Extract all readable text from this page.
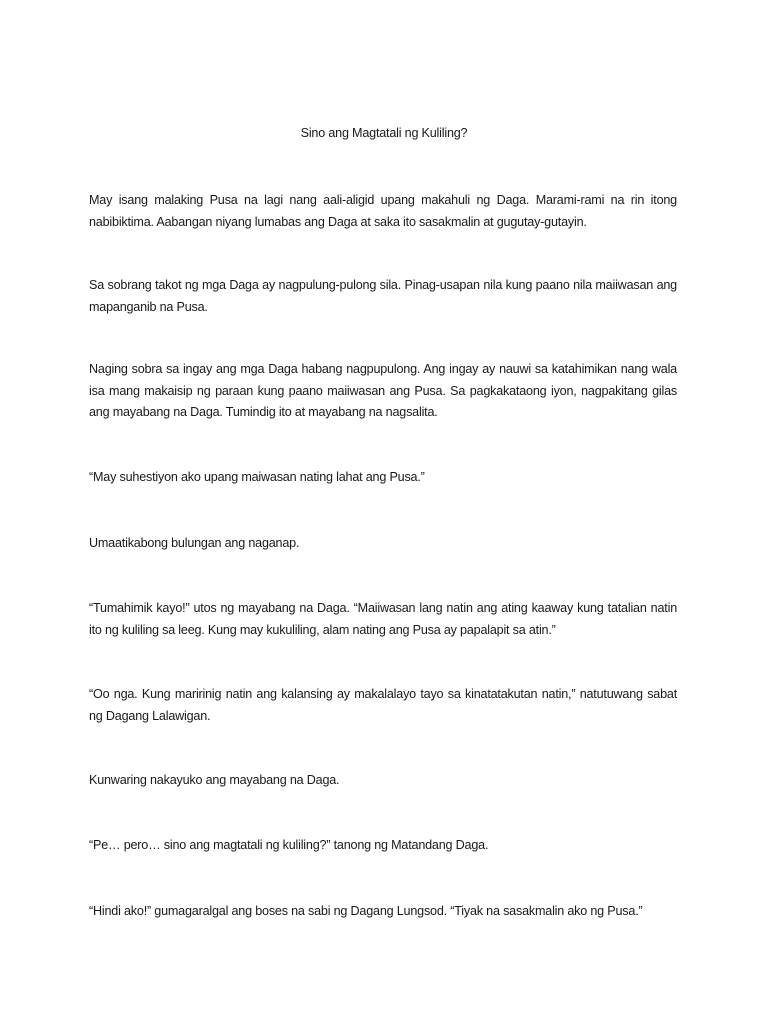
Sino ang Magtatali ng Kuliling?

May isang malaking Pusa na lagi nang aali-aligid upang makahuli ng Daga. Marami-rami na rin itong nabibiktima. Aabangan niyang lumabas ang Daga at saka ito sasakmalin at gugutay-gutayin.

Sa sobrang takot ng mga Daga ay nagpulung-pulong sila. Pinag-usapan nila kung paano nila maiiwasan ang mapanganib na Pusa.

Naging sobra sa ingay ang mga Daga habang nagpupulong. Ang ingay ay nauwi sa katahimikan nang wala isa mang makaisip ng paraan kung paano maiiwasan ang Pusa. Sa pagkakataong iyon, nagpakitang gilas ang mayabang na Daga. Tumindig ito at mayabang na nagsalita.

“May suhestiyon ako upang maiwasan nating lahat ang Pusa.”

Umaatikabong bulungan ang naganap.

“Tumahimik kayo!” utos ng mayabang na Daga. “Maiiwasan lang natin ang ating kaaway kung tatalian natin ito ng kuliling sa leeg. Kung may kukuliling, alam nating ang Pusa ay papalapit sa atin.”

“Oo nga. Kung maririnig natin ang kalansing ay makalalayo tayo sa kinatatakutan natin,” natutuwang sabat ng Dagang Lalawigan.

Kunwaring nakayuko ang mayabang na Daga.

“Pe… pero… sino ang magtatali ng kuliling?” tanong ng Matandang Daga.

“Hindi ako!” gumagaralgal ang boses na sabi ng Dagang Lungsod. “Tiyak na sasakmalin ako ng Pusa.”
